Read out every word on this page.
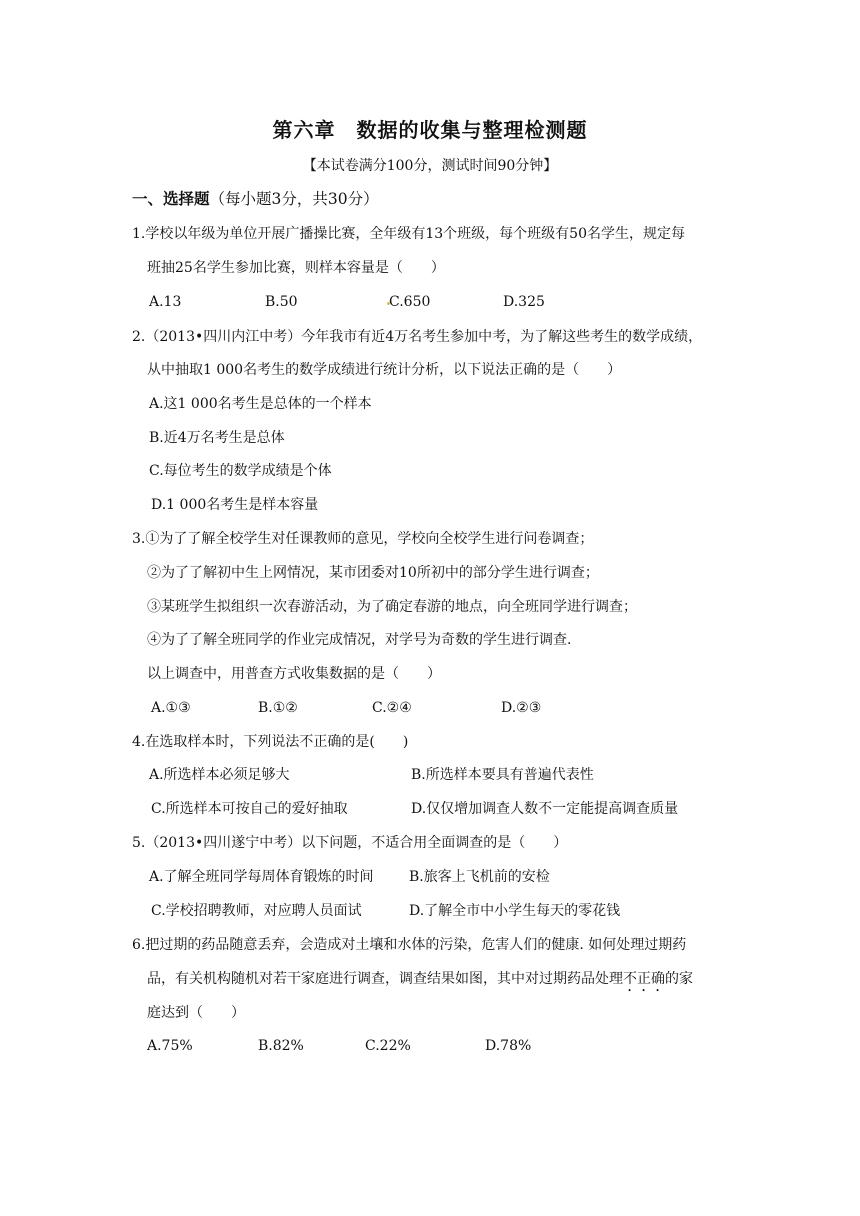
第六章　数据的收集与整理检测题
【本试卷满分100分，测试时间90分钟】
一、选择题（每小题3分，共30分）
1.学校以年级为单位开展广播操比赛，全年级有13个班级，每个班级有50名学生，规定每
班抽25名学生参加比赛，则样本容量是（　　）
A.13	B.50	C.650	D.325
2.（2013•四川内江中考）今年我市有近4万名考生参加中考，为了解这些考生的数学成绩，
从中抽取1 000名考生的数学成绩进行统计分析，以下说法正确的是（　　）
A.这1 000名考生是总体的一个样本
B.近4万名考生是总体
C.每位考生的数学成绩是个体
D.1 000名考生是样本容量
3.①为了了解全校学生对任课教师的意见，学校向全校学生进行问卷调查；
②为了了解初中生上网情况，某市团委对10所初中的部分学生进行调查；
③某班学生拟组织一次春游活动，为了确定春游的地点，向全班同学进行调查；
④为了了解全班同学的作业完成情况，对学号为奇数的学生进行调查.
以上调查中，用普查方式收集数据的是（　　）
A.①③	B.①②	C.②④	D.②③
4.在选取样本时，下列说法不正确的是(　　)
A.所选样本必须足够大	B.所选样本要具有普遍代表性
C.所选样本可按自己的爱好抽取	D.仅仅增加调查人数不一定能提高调查质量
5.（2013•四川遂宁中考）以下问题，不适合用全面调查的是（　　）
A.了解全班同学每周体育锻炼的时间	B.旅客上飞机前的安检
C.学校招聘教师，对应聘人员面试	D.了解全市中小学生每天的零花钱
6.把过期的药品随意丢弃，会造成对土壤和水体的污染，危害人们的健康. 如何处理过期药
品，有关机构随机对若干家庭进行调查，调查结果如图，其中对过期药品处理不正确的家
庭达到（　　）
A.75%	B.82%	C.22%	D.78%
